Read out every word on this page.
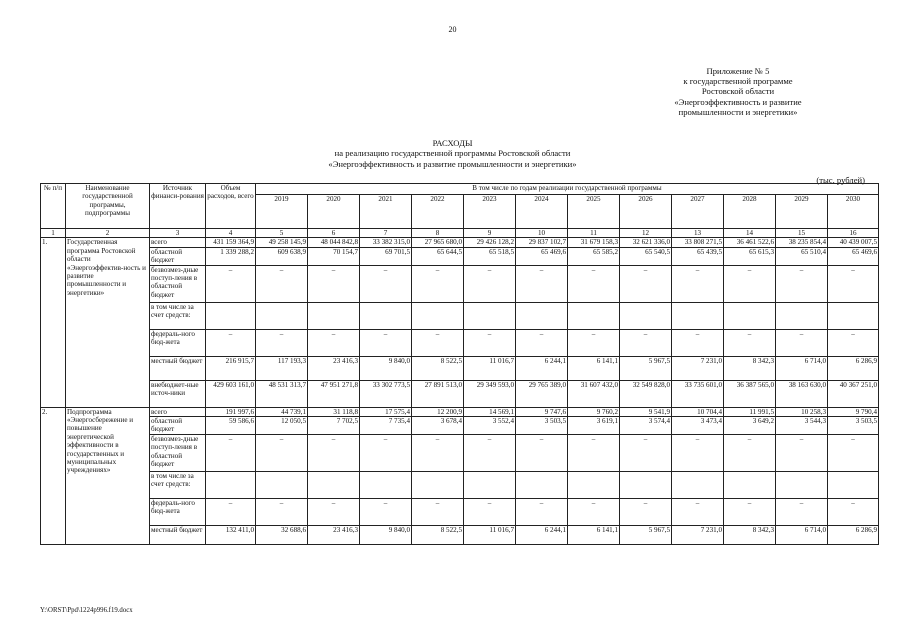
20
Приложение № 5
к государственной программе
Ростовской области
«Энергоэффективность и развитие
промышленности и энергетики»
РАСХОДЫ
на реализацию государственной программы Ростовской области
«Энергоэффективность и развитие промышленности и энергетики»
(тыс. рублей)
№ п/п	Наименование государственной программы, подпрограммы	Источник финанси-рования	Объем расходов, всего	В том числе по годам реализации государственной программы											
				2019	2020	2021	2022	2023	2024	2025	2026	2027	2028	2029	2030
1	2	3	4	5	6	7	8	9	10	11	12	13	14	15	16
1.	Государственная программа Ростовской области «Энергоэффектив-ность и развитие промышленности и энергетики»	всего	431 159 364,9	49 258 145,9	48 044 842,8	33 382 315,0	27 965 680,0	29 426 128,2	29 837 102,7	31 679 158,3	32 621 336,0	33 808 271,5	36 461 522,6	38 235 854,4	40 439 007,5
		областной бюджет	1 339 288,2	609 638,9	70 154,7	69 701,5	65 644,5	65 518,5	65 469,6	65 585,2	65 540,5	65 439,5	65 615,3	65 510,4	65 469,6
		безвозмез-дные поступ-ления в областной бюджет	–	–	–	–	–	–	–	–	–	–	–	–	–
		в том числе за счет средств:													
		федераль-ного бюд-жета	–	–	–	–	–	–	–	–	–	–	–	–	–
		местный бюджет	216 915,7	117 193,3	23 416,3	9 840,0	8 522,5	11 016,7	6 244,1	6 141,1	5 967,5	7 231,0	8 342,3	6 714,0	6 286,9
		внебюджет-ные источ-ники	429 603 161,0	48 531 313,7	47 951 271,8	33 302 773,5	27 891 513,0	29 349 593,0	29 765 389,0	31 607 432,0	32 549 828,0	33 735 601,0	36 387 565,0	38 163 630,0	40 367 251,0
2.	Подпрограмма «Энергосбережение и повышение энергетической эффективности в государственных и муниципальных учреждениях»	всего	191 997,6	44 739,1	31 118,8	17 575,4	12 200,9	14 569,1	9 747,6	9 760,2	9 541,9	10 704,4	11 991,5	10 258,3	9 790,4
		областной бюджет	59 586,6	12 050,5	7 702,5	7 735,4	3 678,4	3 552,4	3 503,5	3 619,1	3 574,4	3 473,4	3 649,2	3 544,3	3 503,5
		безвозмез-дные поступ-ления в областной бюджет	–	–	–	–	–	–	–	–	–	–	–	–	–
		в том числе за счет средств:													
		федераль-ного бюд-жета	–	–	–	–	–	–	–	–	–	–	–	–	–
		местный бюджет	132 411,0	32 688,6	23 416,3	9 840,0	8 522,5	11 016,7	6 244,1	6 141,1	5 967,5	7 231,0	8 342,3	6 714,0	6 286,9
Y:\ORST\Ppd\1224p996.f19.docx
